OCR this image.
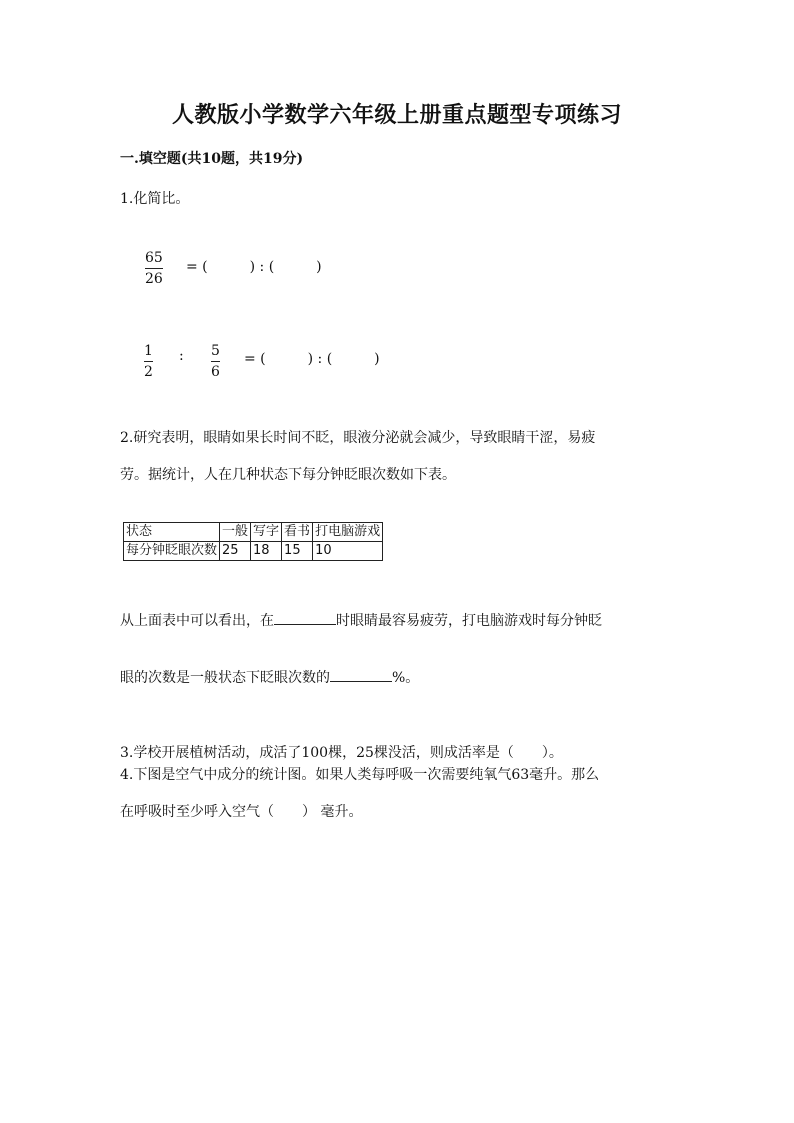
人教版小学数学六年级上册重点题型专项练习
一.填空题(共10题，共19分)
1.化简比。
65
26
= (　　　) : (　　　)
1
2
: 5
6
= (　　　) : (　　　)
2.研究表明，眼睛如果长时间不眨，眼液分泌就会减少，导致眼睛干涩，易疲
劳。据统计，人在几种状态下每分钟眨眼次数如下表。
状态	一般	写字	看书	打电脑游戏
每分钟眨眼次数	25	18	15	10
从上面表中可以看出，在	时眼睛最容易疲劳，打电脑游戏时每分钟眨
眼的次数是一般状态下眨眼次数的	%。
3.学校开展植树活动，成活了100棵，25棵没活，则成活率是（　　）。
4.下图是空气中成分的统计图。如果人类每呼吸一次需要纯氧气63毫升。那么
在呼吸时至少呼入空气（　　） 毫升。
